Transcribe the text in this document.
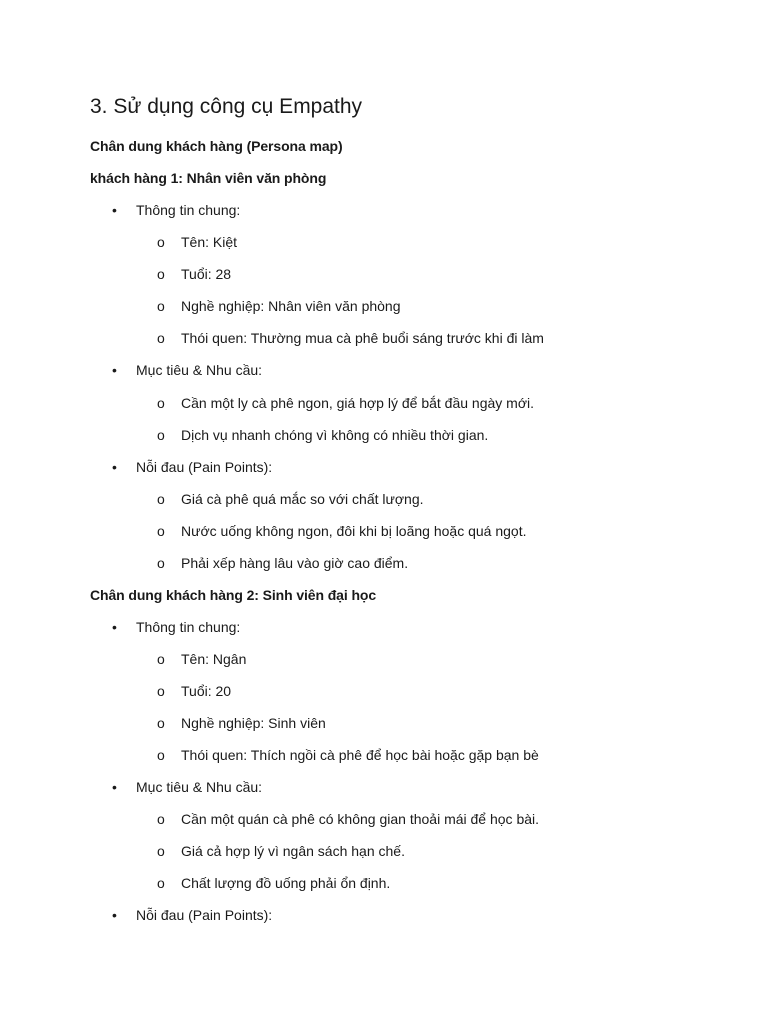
3. Sử dụng công cụ Empathy
Chân dung khách hàng (Persona map)
khách hàng 1: Nhân viên văn phòng
•	Thông tin chung:
o Tên: Kiệt
o Tuổi: 28
o Nghề nghiệp: Nhân viên văn phòng
o Thói quen: Thường mua cà phê buổi sáng trước khi đi làm
•	Mục tiêu & Nhu cầu:
o Cần một ly cà phê ngon, giá hợp lý để bắt đầu ngày mới.
o Dịch vụ nhanh chóng vì không có nhiều thời gian.
•	Nỗi đau (Pain Points):
o Giá cà phê quá mắc so với chất lượng.
o Nước uống không ngon, đôi khi bị loãng hoặc quá ngọt.
o Phải xếp hàng lâu vào giờ cao điểm.
Chân dung khách hàng 2: Sinh viên đại học
•	Thông tin chung:
o Tên: Ngân
o Tuổi: 20
o Nghề nghiệp: Sinh viên
o Thói quen: Thích ngồi cà phê để học bài hoặc gặp bạn bè
•	Mục tiêu & Nhu cầu:
o Cần một quán cà phê có không gian thoải mái để học bài.
o Giá cả hợp lý vì ngân sách hạn chế.
o Chất lượng đồ uống phải ổn định.
•	Nỗi đau (Pain Points):
